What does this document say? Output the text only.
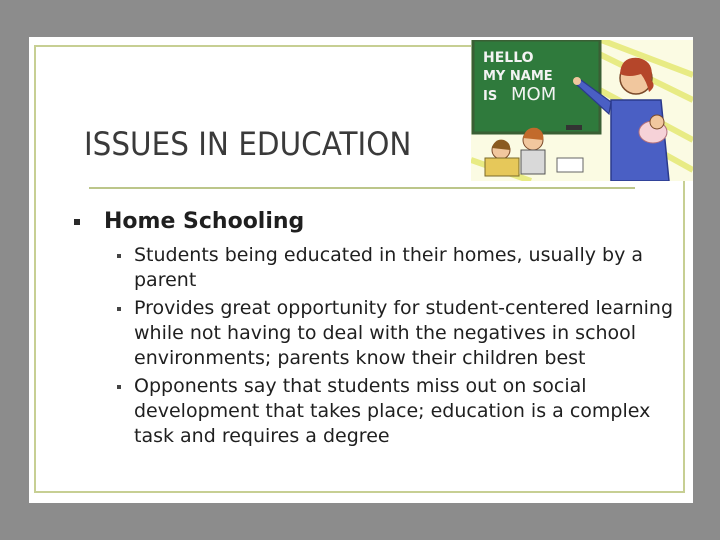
ISSUES IN EDUCATION
HELLO
MY NAME
IS MOM
Home Schooling
Students being educated in their homes, usually by a parent
Provides great opportunity for student-centered learning while not having to deal with the negatives in school environments; parents know their children best
Opponents say that students miss out on social development that takes place; education is a complex task and requires a degree
